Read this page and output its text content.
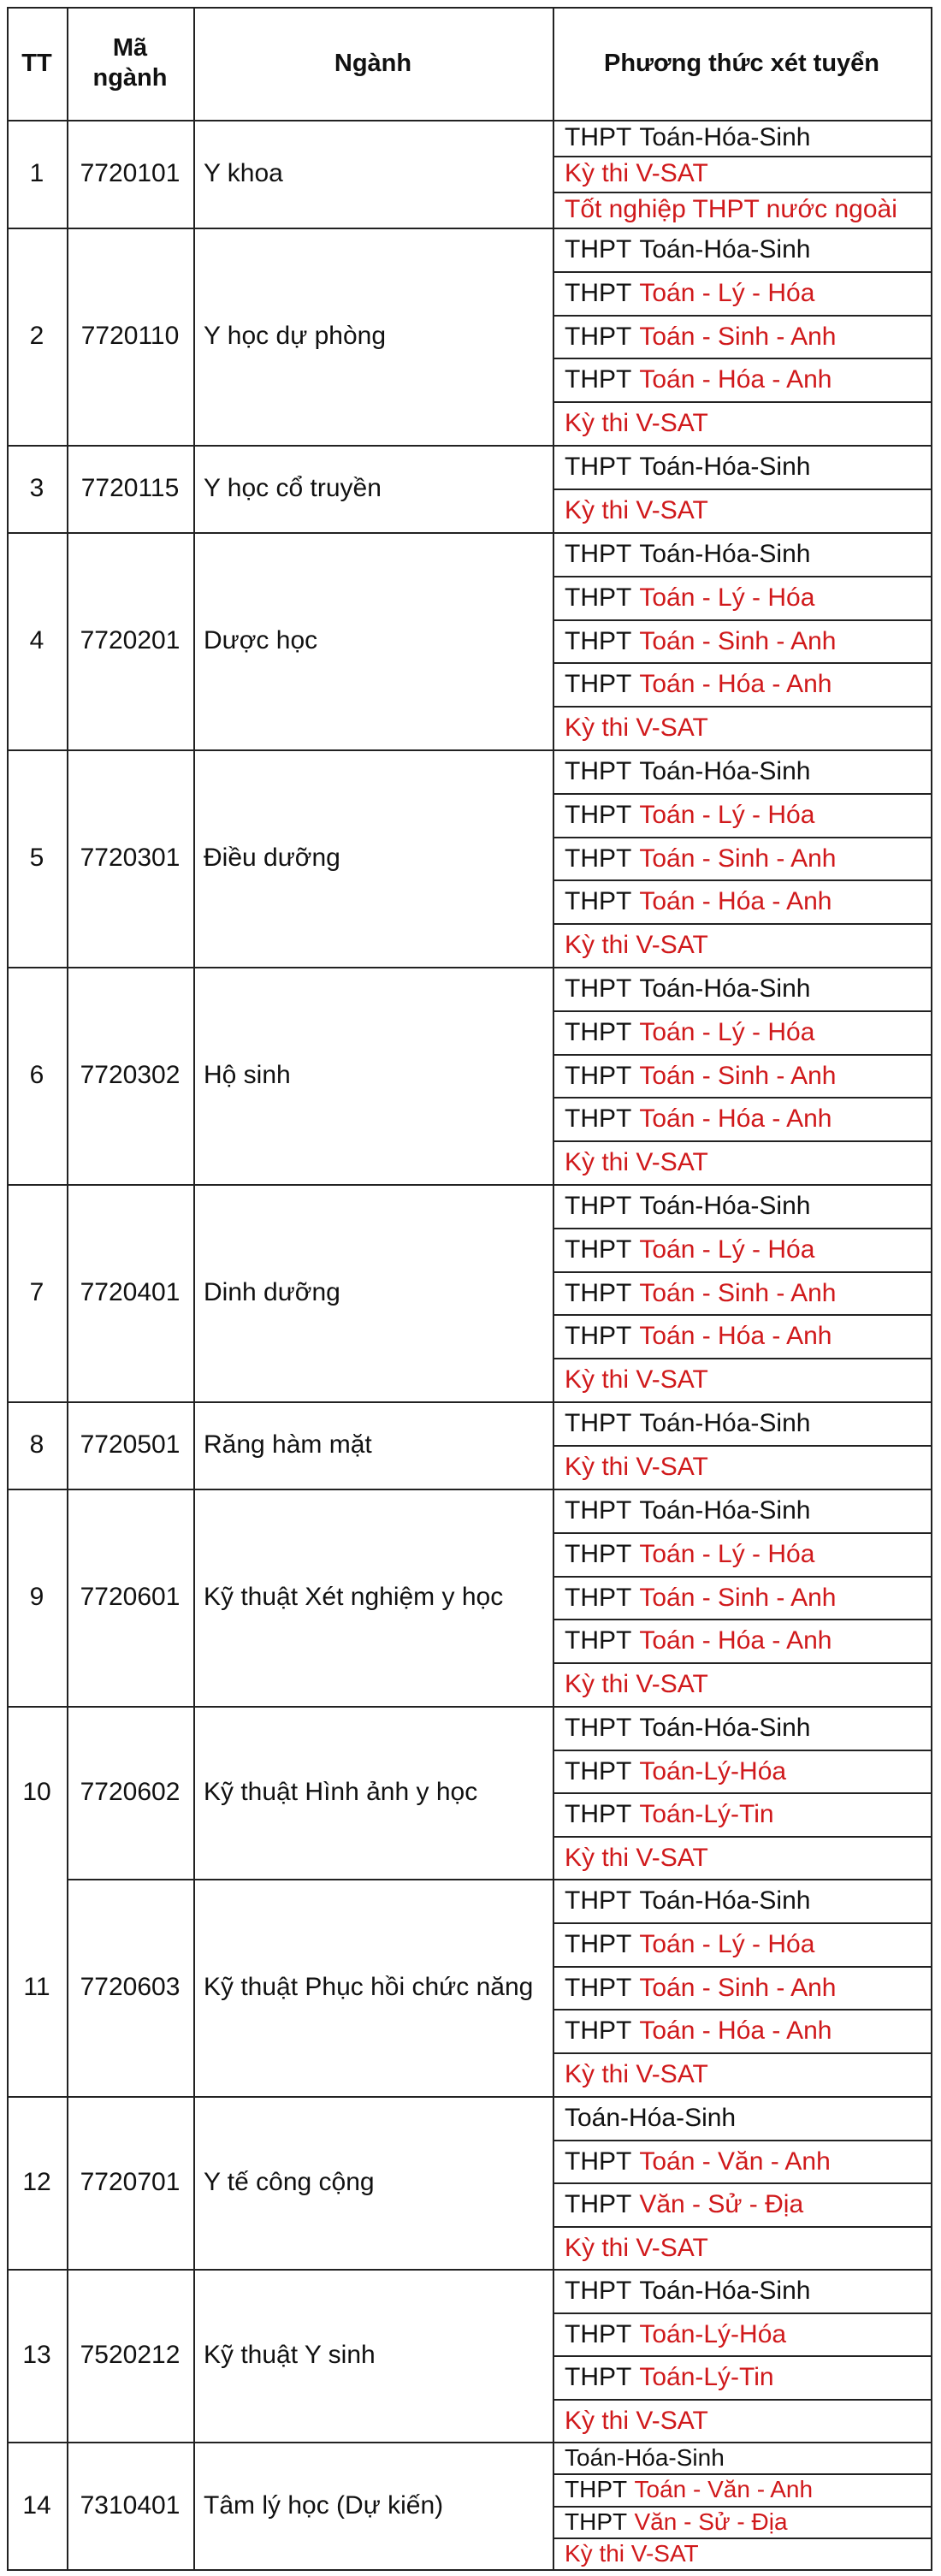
TT
Mã
ngành
Ngành	Phương thức xét tuyển
1 7720101 Y khoa
THPT Toán-Hóa-Sinh
Kỳ thi V-SAT
Tốt nghiệp THPT nước ngoài
2 7720110 Y học dự phòng
THPT Toán-Hóa-Sinh
THPT Toán - Lý - Hóa
THPT Toán - Sinh - Anh
THPT Toán - Hóa - Anh
Kỳ thi V-SAT
3 7720115 Y học cổ truyền
THPT Toán-Hóa-Sinh
Kỳ thi V-SAT
4 7720201 Dược học
THPT Toán-Hóa-Sinh
THPT Toán - Lý - Hóa
THPT Toán - Sinh - Anh
THPT Toán - Hóa - Anh
Kỳ thi V-SAT
5 7720301 Điều dưỡng
THPT Toán-Hóa-Sinh
THPT Toán - Lý - Hóa
THPT Toán - Sinh - Anh
THPT Toán - Hóa - Anh
Kỳ thi V-SAT
6 7720302 Hộ sinh
THPT Toán-Hóa-Sinh
THPT Toán - Lý - Hóa
THPT Toán - Sinh - Anh
THPT Toán - Hóa - Anh
Kỳ thi V-SAT
7 7720401 Dinh dưỡng
THPT Toán-Hóa-Sinh
THPT Toán - Lý - Hóa
THPT Toán - Sinh - Anh
THPT Toán - Hóa - Anh
Kỳ thi V-SAT
8 7720501 Răng hàm mặt
THPT Toán-Hóa-Sinh
Kỳ thi V-SAT
9 7720601 Kỹ thuật Xét nghiệm y học
THPT Toán-Hóa-Sinh
THPT Toán - Lý - Hóa
THPT Toán - Sinh - Anh
THPT Toán - Hóa - Anh
Kỳ thi V-SAT
10 7720602 Kỹ thuật Hình ảnh y học
THPT Toán-Hóa-Sinh
THPT Toán-Lý-Hóa
THPT Toán-Lý-Tin
Kỳ thi V-SAT
11 7720603 Kỹ thuật Phục hồi chức năng
THPT Toán-Hóa-Sinh
THPT Toán - Lý - Hóa
THPT Toán - Sinh - Anh
THPT Toán - Hóa - Anh
Kỳ thi V-SAT
12 7720701 Y tế công cộng
Toán-Hóa-Sinh
THPT Toán - Văn - Anh
THPT Văn - Sử - Địa
Kỳ thi V-SAT
13 7520212 Kỹ thuật Y sinh
THPT Toán-Hóa-Sinh
THPT Toán-Lý-Hóa
THPT Toán-Lý-Tin
Kỳ thi V-SAT
14 7310401 Tâm lý học (Dự kiến)
Toán-Hóa-Sinh
THPT Toán - Văn - Anh
THPT Văn - Sử - Địa
Kỳ thi V-SAT
